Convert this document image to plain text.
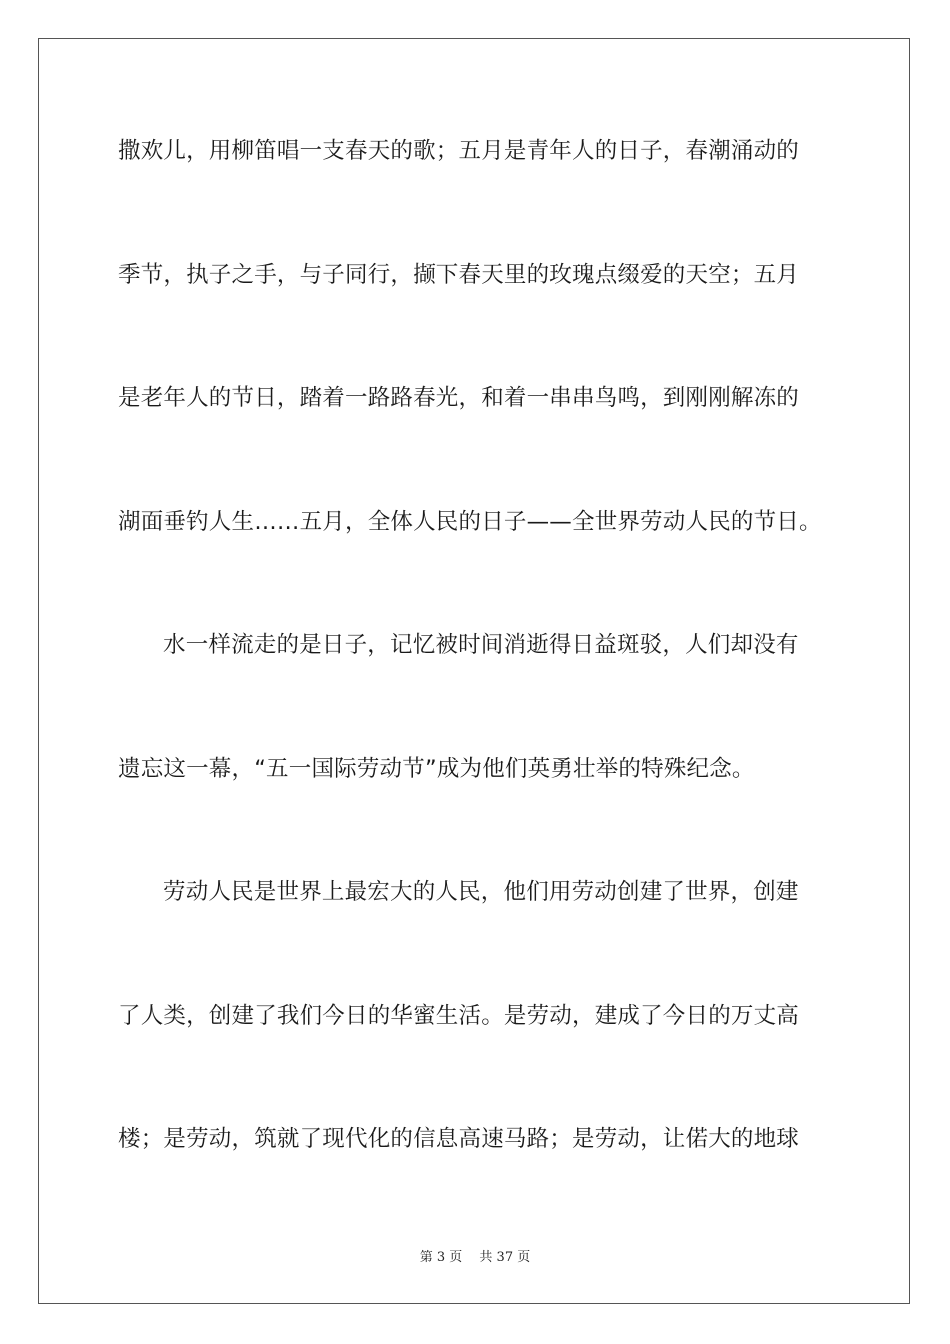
撒欢儿，用柳笛唱一支春天的歌；五月是青年人的日子，春潮涌动的
季节，执子之手，与子同行，撷下春天里的玫瑰点缀爱的天空；五月
是老年人的节日，踏着一路路春光，和着一串串鸟鸣，到刚刚解冻的
湖面垂钓人生……五月，全体人民的日子——全世界劳动人民的节日。
水一样流走的是日子，记忆被时间消逝得日益斑驳，人们却没有
遗忘这一幕，“五一国际劳动节”成为他们英勇壮举的特殊纪念。
劳动人民是世界上最宏大的人民，他们用劳动创建了世界，创建
了人类，创建了我们今日的华蜜生活。是劳动，建成了今日的万丈高
楼；是劳动，筑就了现代化的信息高速马路；是劳动，让偌大的地球
第 3 页　 共 37 页
